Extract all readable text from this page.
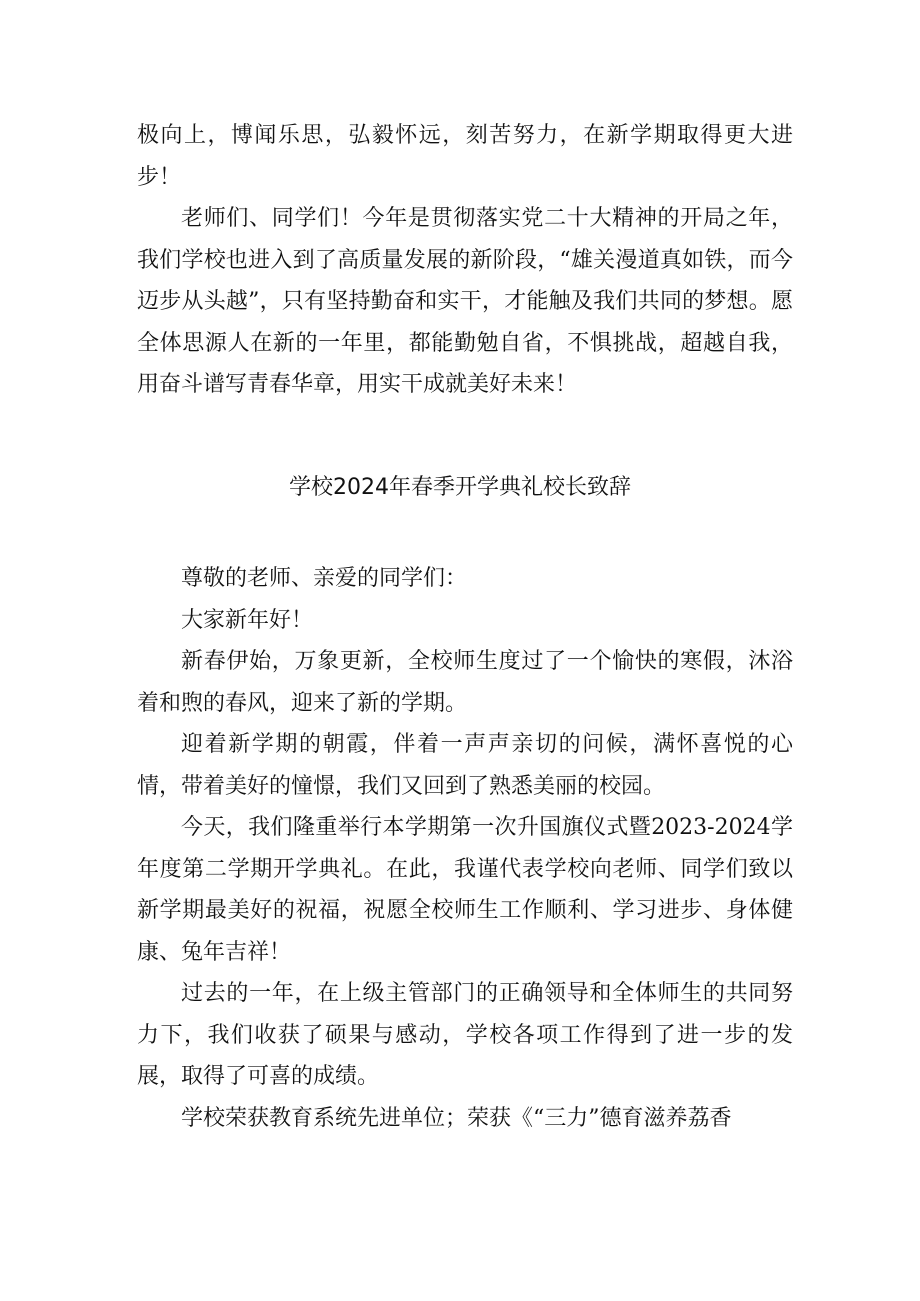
极向上，博闻乐思，弘毅怀远，刻苦努力，在新学期取得更大进步！

老师们、同学们！今年是贯彻落实党二十大精神的开局之年，我们学校也进入到了高质量发展的新阶段，“雄关漫道真如铁，而今迈步从头越”，只有坚持勤奋和实干，才能触及我们共同的梦想。愿全体思源人在新的一年里，都能勤勉自省，不惧挑战，超越自我，用奋斗谱写青春华章，用实干成就美好未来！

学校2024年春季开学典礼校长致辞

尊敬的老师、亲爱的同学们：

大家新年好！

新春伊始，万象更新，全校师生度过了一个愉快的寒假，沐浴着和煦的春风，迎来了新的学期。

迎着新学期的朝霞，伴着一声声亲切的问候，满怀喜悦的心情，带着美好的憧憬，我们又回到了熟悉美丽的校园。

今天，我们隆重举行本学期第一次升国旗仪式暨2023-2024学年度第二学期开学典礼。在此，我谨代表学校向老师、同学们致以新学期最美好的祝福，祝愿全校师生工作顺利、学习进步、身体健康、兔年吉祥！

过去的一年，在上级主管部门的正确领导和全体师生的共同努力下，我们收获了硕果与感动，学校各项工作得到了进一步的发展，取得了可喜的成绩。

学校荣获教育系统先进单位；荣获《“三力”德育滋养荔香
